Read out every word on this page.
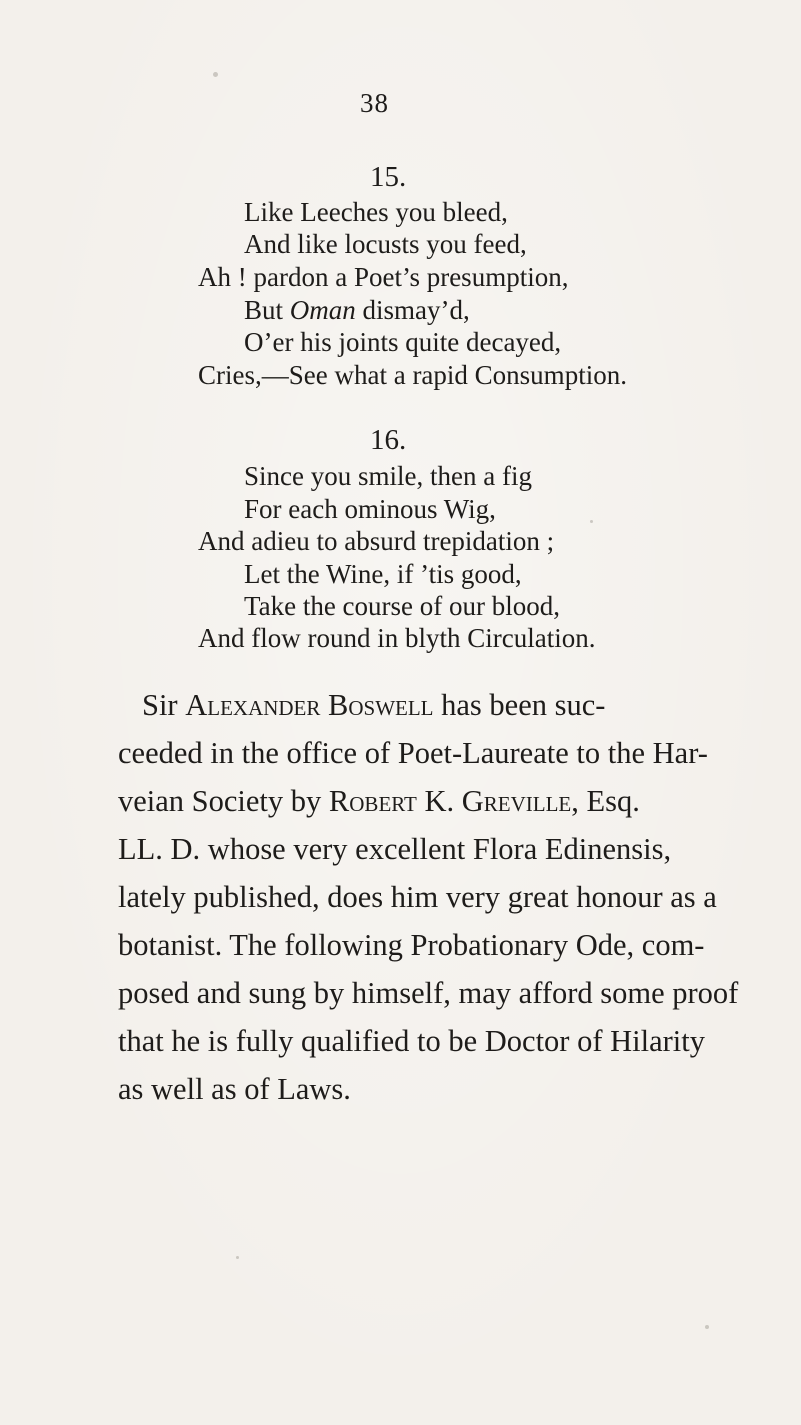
38
15.
Like Leeches you bleed,
And like locusts you feed,
Ah ! pardon a Poet’s presumption,
But Oman dismay’d,
O’er his joints quite decayed,
Cries,—See what a rapid Consumption.
16.
Since you smile, then a fig
For each ominous Wig,
And adieu to absurd trepidation ;
Let the Wine, if ’tis good,
Take the course of our blood,
And flow round in blyth Circulation.
Sir Alexander Boswell has been suc-
ceeded in the office of Poet-Laureate to the Har-
veian Society by Robert K. Greville, Esq.
LL. D. whose very excellent Flora Edinensis,
lately published, does him very great honour as a
botanist. The following Probationary Ode, com-
posed and sung by himself, may afford some proof
that he is fully qualified to be Doctor of Hilarity
as well as of Laws.
